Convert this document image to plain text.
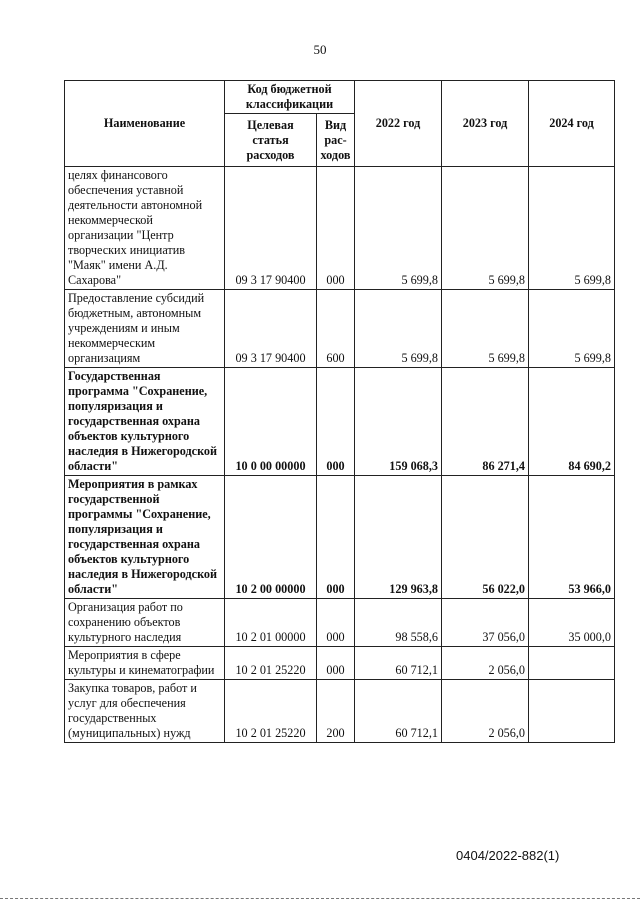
50
Наименование	Код бюджетной классификации		2022 год	2023 год	2024 год
	Целевая статья расходов	Вид рас-ходов			
целях финансового обеспечения уставной деятельности автономной некоммерческой организации "Центр творческих инициатив "Маяк" имени А.Д. Сахарова"	09 3 17 90400	000	5 699,8	5 699,8	5 699,8
Предоставление субсидий бюджетным, автономным учреждениям и иным некоммерческим организациям	09 3 17 90400	600	5 699,8	5 699,8	5 699,8
Государственная программа "Сохранение, популяризация и государственная охрана объектов культурного наследия в Нижегородской области"	10 0 00 00000	000	159 068,3	86 271,4	84 690,2
Мероприятия в рамках государственной программы "Сохранение, популяризация и государственная охрана объектов культурного наследия в Нижегородской области"	10 2 00 00000	000	129 963,8	56 022,0	53 966,0
Организация работ по сохранению объектов культурного наследия	10 2 01 00000	000	98 558,6	37 056,0	35 000,0
Мероприятия в сфере культуры и кинематографии	10 2 01 25220	000	60 712,1	2 056,0	
Закупка товаров, работ и услуг для обеспечения государственных (муниципальных) нужд	10 2 01 25220	200	60 712,1	2 056,0	
0404/2022-882(1)
